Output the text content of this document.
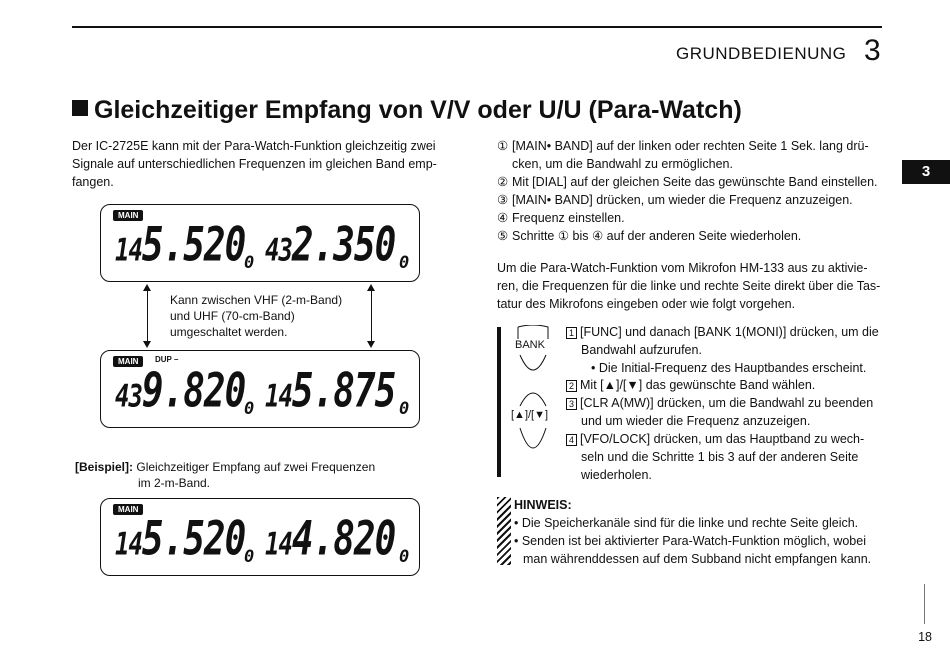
GRUNDBEDIENUNG 3
3
Gleichzeitiger Empfang von V/V oder U/U (Para-Watch)
Der IC-2725E kann mit der Para-Watch-Funktion gleichzeitig zwei
Signale auf unterschiedlichen Frequenzen im gleichen Band emp-
fangen.
MAIN
145.520 432.350
0	0
Kann zwischen VHF (2-m-Band)
und UHF (70-cm-Band)
umgeschaltet werden.
MAIN	DUP –
439.820 145.875
0	0
[Beispiel]: Gleichzeitiger Empfang auf zwei Frequenzen
im 2-m-Band.
MAIN
145.520 144.820
0	0
① [MAIN• BAND] auf der linken oder rechten Seite 1 Sek. lang drü-
cken, um die Bandwahl zu ermöglichen.
② Mit [DIAL] auf der gleichen Seite das gewünschte Band einstellen.
③ [MAIN• BAND] drücken, um wieder die Frequenz anzuzeigen.
④ Frequenz einstellen.
⑤ Schritte ① bis ④ auf der anderen Seite wiederholen.
Um die Para-Watch-Funktion vom Mikrofon HM-133 aus zu aktivie-
ren, die Frequenzen für die linke und rechte Seite direkt über die Tas-
tatur des Mikrofons eingeben oder wie folgt vorgehen.
BANK
[▲]/[▼]
1 [FUNC] und danach [BANK 1(MONI)] drücken, um die
Bandwahl aufzurufen.
• Die Initial-Frequenz des Hauptbandes erscheint.
2 Mit [▲]/[▼] das gewünschte Band wählen.
3 [CLR A(MW)] drücken, um die Bandwahl zu beenden
und um wieder die Frequenz anzuzeigen.
4 [VFO/LOCK] drücken, um das Hauptband zu wech-
seln und die Schritte 1 bis 3 auf der anderen Seite
wiederholen.
HINWEIS:
• Die Speicherkanäle sind für die linke und rechte Seite gleich.
• Senden ist bei aktivierter Para-Watch-Funktion möglich, wobei
man währenddessen auf dem Subband nicht empfangen kann.
18
